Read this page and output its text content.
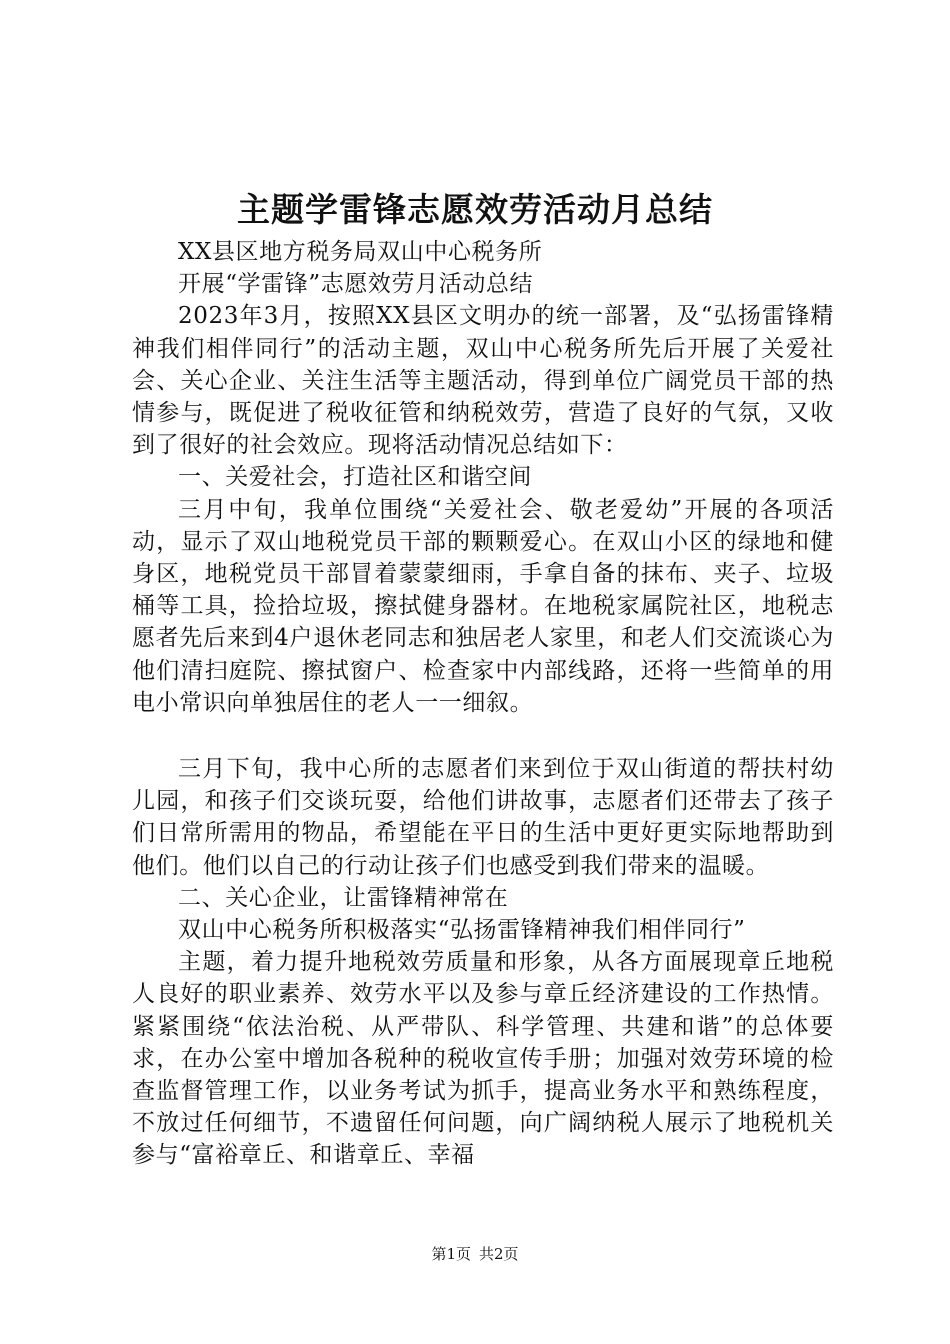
主题学雷锋志愿效劳活动月总结

XX县区地方税务局双山中心税务所

开展“学雷锋”志愿效劳月活动总结

2023年3月，按照XX县区文明办的统一部署，及“弘扬雷锋精神我们相伴同行”的活动主题，双山中心税务所先后开展了关爱社会、关心企业、关注生活等主题活动，得到单位广阔党员干部的热情参与，既促进了税收征管和纳税效劳，营造了良好的气氛，又收到了很好的社会效应。现将活动情况总结如下：

一、关爱社会，打造社区和谐空间

三月中旬，我单位围绕“关爱社会、敬老爱幼”开展的各项活动，显示了双山地税党员干部的颗颗爱心。在双山小区的绿地和健身区，地税党员干部冒着蒙蒙细雨，手拿自备的抹布、夹子、垃圾桶等工具，捡拾垃圾，擦拭健身器材。在地税家属院社区，地税志愿者先后来到4户退休老同志和独居老人家里，和老人们交流谈心为他们清扫庭院、擦拭窗户、检查家中内部线路，还将一些简单的用电小常识向单独居住的老人一一细叙。

三月下旬，我中心所的志愿者们来到位于双山街道的帮扶村幼儿园，和孩子们交谈玩耍，给他们讲故事，志愿者们还带去了孩子们日常所需用的物品，希望能在平日的生活中更好更实际地帮助到他们。他们以自己的行动让孩子们也感受到我们带来的温暖。

二、关心企业，让雷锋精神常在

双山中心税务所积极落实“弘扬雷锋精神我们相伴同行”

主题，着力提升地税效劳质量和形象，从各方面展现章丘地税人良好的职业素养、效劳水平以及参与章丘经济建设的工作热情。紧紧围绕“依法治税、从严带队、科学管理、共建和谐”的总体要求，在办公室中增加各税种的税收宣传手册；加强对效劳环境的检查监督管理工作，以业务考试为抓手，提高业务水平和熟练程度，不放过任何细节，不遗留任何问题，向广阔纳税人展示了地税机关参与“富裕章丘、和谐章丘、幸福

第1页 共2页
